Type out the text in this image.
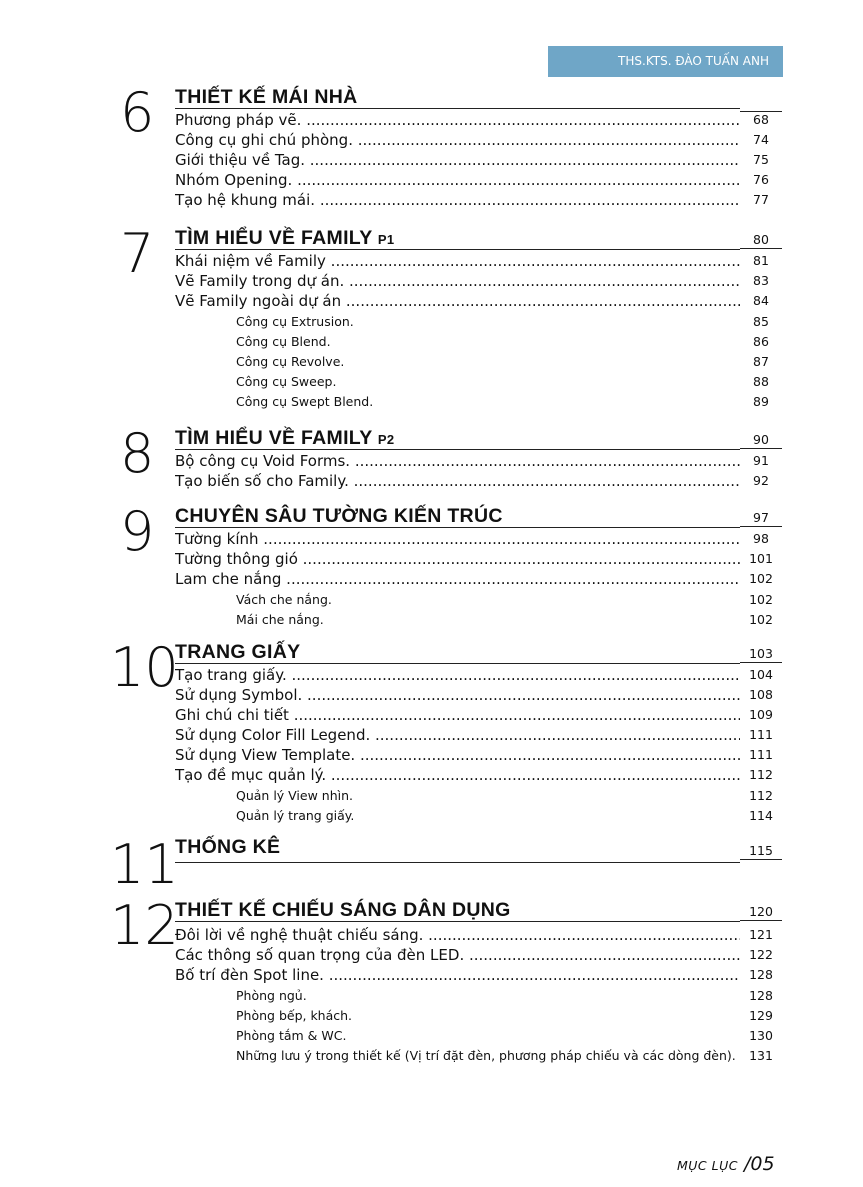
THS.KTS. ĐÀO TUẤN ANH
6 THIẾT KẾ MÁI NHÀ
Phương pháp vẽ. .....	68
Công cụ ghi chú phòng. .....	74
Giới thiệu về Tag. .....	75
Nhóm Opening. .....	76
Tạo hệ khung mái. .....	77
7 TÌM HIỂU VỀ FAMILY P1	80
Khái niệm về Family .....	81
Vẽ Family trong dự án. .....	83
Vẽ Family ngoài dự án .....	84
Công cụ Extrusion.	85
Công cụ Blend.	86
Công cụ Revolve.	87
Công cụ Sweep.	88
Công cụ Swept Blend.	89
8 TÌM HIỂU VỀ FAMILY P2	90
Bộ công cụ Void Forms. .....	91
Tạo biến số cho Family. .....	92
9 CHUYÊN SÂU TƯỜNG KIẾN TRÚC	97
Tường kính .....	98
Tường thông gió .....	101
Lam che nắng .....	102
Vách che nắng.	102
Mái che nắng.	102
10
TRANG GIẤY	103
Tạo trang giấy. .....	104
Sử dụng Symbol. .....	108
Ghi chú chi tiết .....	109
Sử dụng Color Fill Legend. .....	111
Sử dụng View Template. .....	111
Tạo đề mục quản lý. .....	112
Quản lý View nhìn.	112
Quản lý trang giấy.	114
11
THỐNG KÊ	115
12
THIẾT KẾ CHIẾU SÁNG DÂN DỤNG	120
Đôi lời về nghệ thuật chiếu sáng. .....	121
Các thông số quan trọng của đèn LED. .....	122
Bố trí đèn Spot line. .....	128
Phòng ngủ.	128
Phòng bếp, khách.	129
Phòng tắm & WC.	130
Những lưu ý trong thiết kế (Vị trí đặt đèn, phương pháp chiếu và các dòng đèn).	131
MỤC LỤC /05
